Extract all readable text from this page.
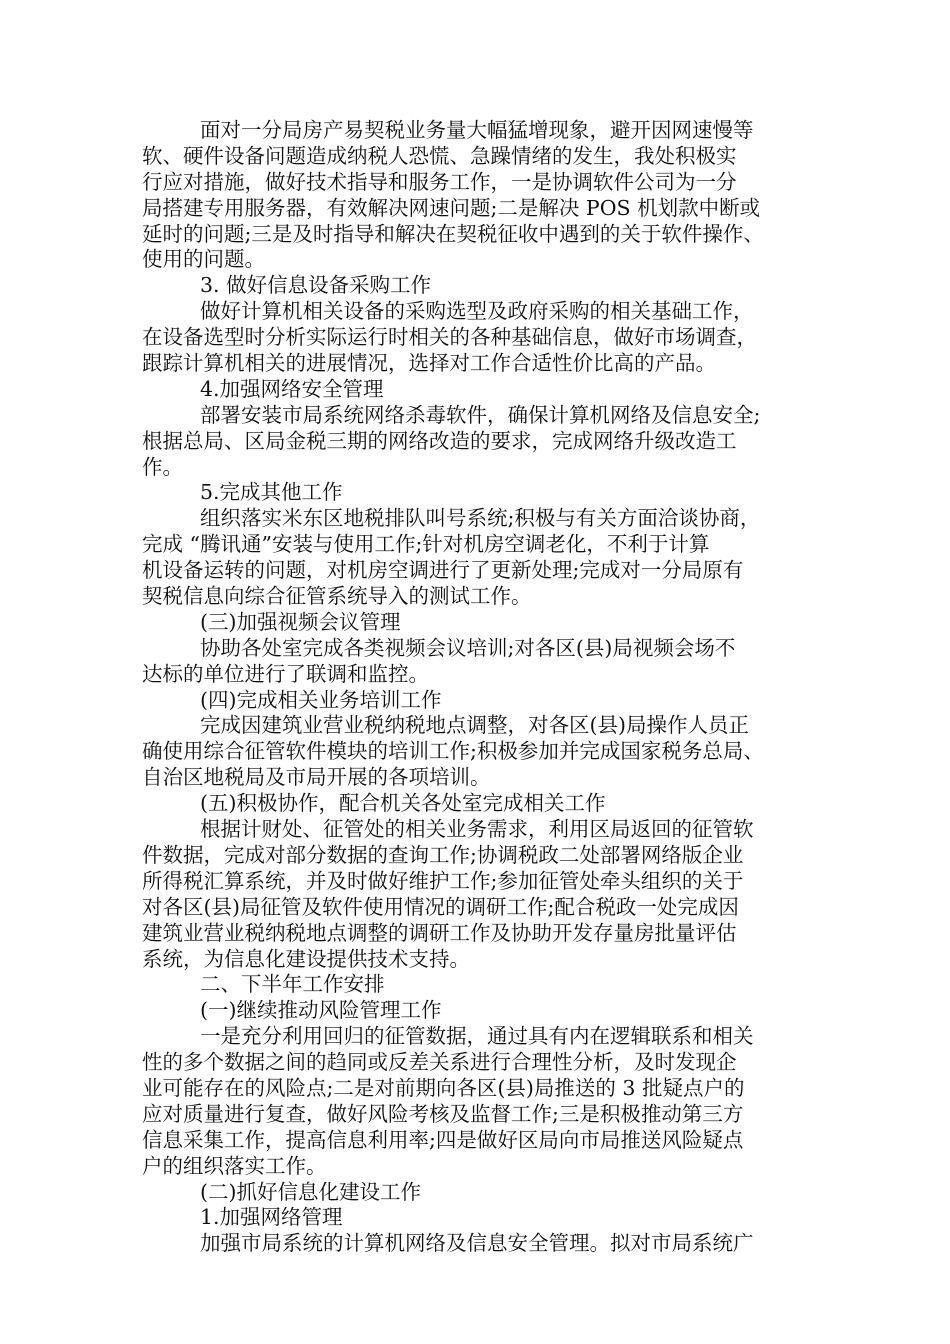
面对一分局房产易契税业务量大幅猛增现象，避开因网速慢等
软、硬件设备问题造成纳税人恐慌、急躁情绪的发生，我处积极实
行应对措施，做好技术指导和服务工作，一是协调软件公司为一分
局搭建专用服务器，有效解决网速问题;二是解决 POS 机划款中断或
延时的问题;三是及时指导和解决在契税征收中遇到的关于软件操作、
使用的问题。
3. 做好信息设备采购工作
做好计算机相关设备的采购选型及政府采购的相关基础工作，
在设备选型时分析实际运行时相关的各种基础信息，做好市场调查，
跟踪计算机相关的进展情况，选择对工作合适性价比高的产品。
4.加强网络安全管理
部署安装市局系统网络杀毒软件，确保计算机网络及信息安全;
根据总局、区局金税三期的网络改造的要求，完成网络升级改造工
作。
5.完成其他工作
组织落实米东区地税排队叫号系统;积极与有关方面洽谈协商，
完成 “腾讯通”安装与使用工作;针对机房空调老化，不利于计算
机设备运转的问题，对机房空调进行了更新处理;完成对一分局原有
契税信息向综合征管系统导入的测试工作。
(三)加强视频会议管理
协助各处室完成各类视频会议培训;对各区(县)局视频会场不
达标的单位进行了联调和监控。
(四)完成相关业务培训工作
完成因建筑业营业税纳税地点调整，对各区(县)局操作人员正
确使用综合征管软件模块的培训工作;积极参加并完成国家税务总局、
自治区地税局及市局开展的各项培训。
(五)积极协作，配合机关各处室完成相关工作
根据计财处、征管处的相关业务需求，利用区局返回的征管软
件数据，完成对部分数据的查询工作;协调税政二处部署网络版企业
所得税汇算系统，并及时做好维护工作;参加征管处牵头组织的关于
对各区(县)局征管及软件使用情况的调研工作;配合税政一处完成因
建筑业营业税纳税地点调整的调研工作及协助开发存量房批量评估
系统，为信息化建设提供技术支持。
二、下半年工作安排
(一)继续推动风险管理工作
一是充分利用回归的征管数据，通过具有内在逻辑联系和相关
性的多个数据之间的趋同或反差关系进行合理性分析，及时发现企
业可能存在的风险点;二是对前期向各区(县)局推送的 3 批疑点户的
应对质量进行复查，做好风险考核及监督工作;三是积极推动第三方
信息采集工作，提高信息利用率;四是做好区局向市局推送风险疑点
户的组织落实工作。
(二)抓好信息化建设工作
1.加强网络管理
加强市局系统的计算机网络及信息安全管理。拟对市局系统广
